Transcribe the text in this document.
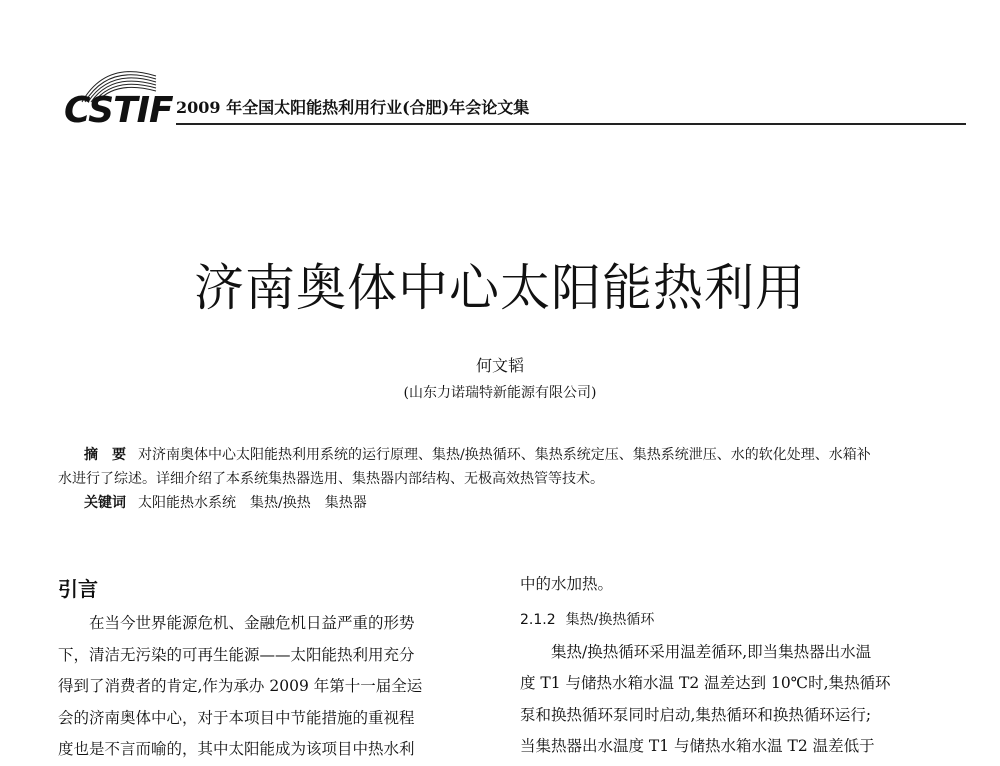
CSTIF 2009 年全国太阳能热利用行业(合肥)年会论文集
济南奥体中心太阳能热利用
何文韬
(山东力诺瑞特新能源有限公司)

摘　要 对济南奥体中心太阳能热利用系统的运行原理、集热/换热循环、集热系统定压、集热系统泄压、水的软化处理、水箱补

水进行了综述。详细介绍了本系统集热器选用、集热器内部结构、无极高效热管等技术。

关键词 太阳能热水系统　集热/换热　集热器

引言

在当今世界能源危机、金融危机日益严重的形势

下，清洁无污染的可再生能源——太阳能热利用充分

得到了消费者的肯定,作为承办 2009 年第十一届全运

会的济南奥体中心，对于本项目中节能措施的重视程

度也是不言而喻的，其中太阳能成为该项目中热水利

中的水加热。

2.1.2 集热/换热循环

集热/换热循环采用温差循环,即当集热器出水温

度 T1 与储热水箱水温 T2 温差达到 10℃时,集热循环

泵和换热循环泵同时启动,集热循环和换热循环运行;

当集热器出水温度 T1 与储热水箱水温 T2 温差低于
